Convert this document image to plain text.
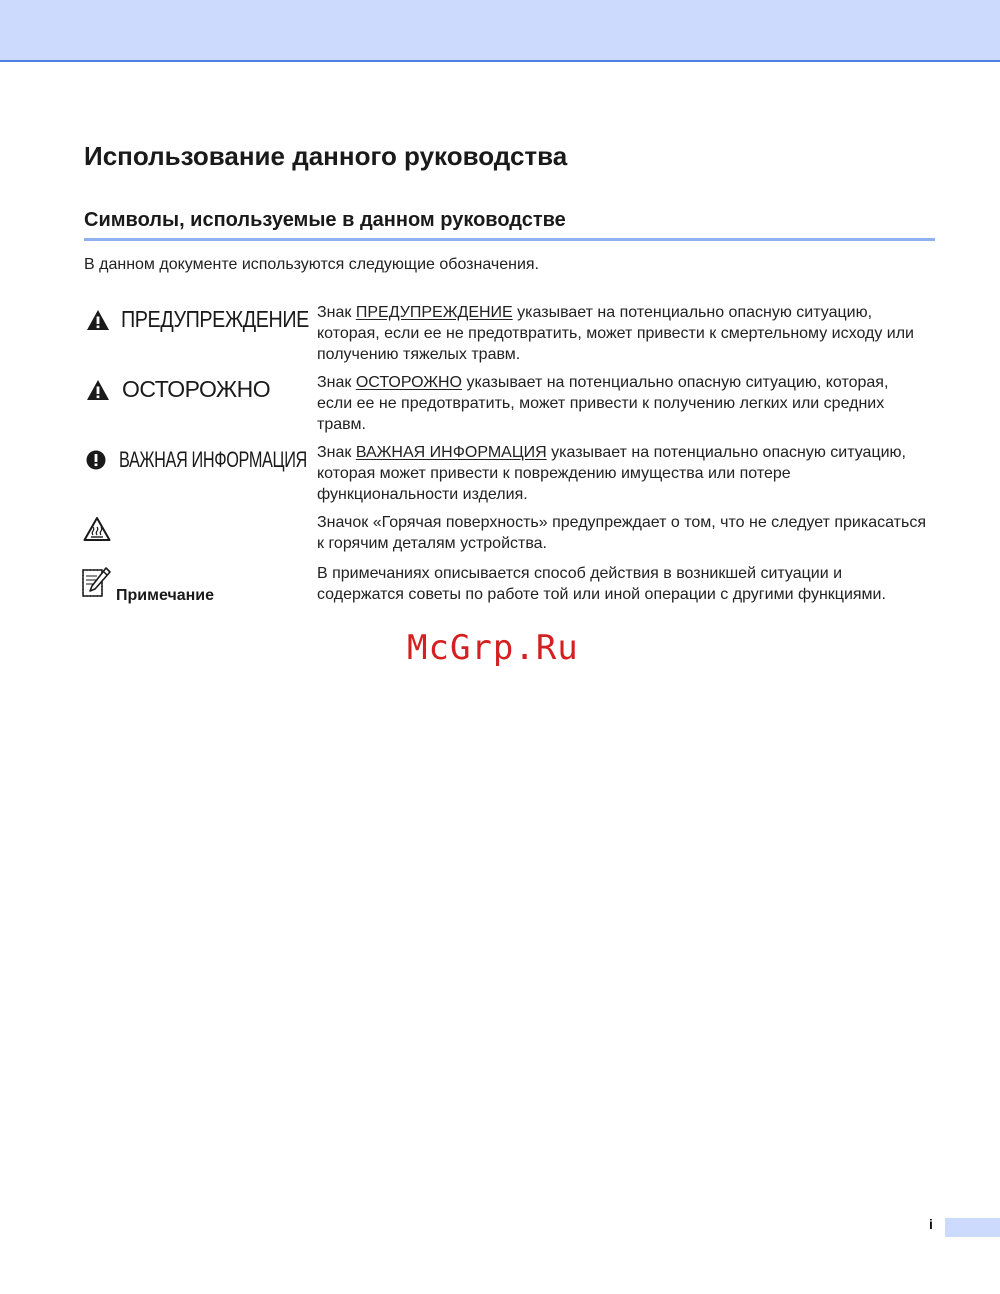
Использование данного руководства
Символы, используемые в данном руководстве

В данном документе используются следующие обозначения.

ПРЕДУПРЕЖДЕНИЕ Знак ПРЕДУПРЕЖДЕНИЕ указывает на потенциально опасную ситуацию, которая, если ее не предотвратить, может привести к смертельному исходу или получению тяжелых травм.

ОСТОРОЖНО	Знак ОСТОРОЖНО указывает на потенциально опасную ситуацию, которая, если ее не предотвратить, может привести к получению легких или средних травм.

ВАЖНАЯ ИНФОРМАЦИЯ Знак ВАЖНАЯ ИНФОРМАЦИЯ указывает на потенциально опасную ситуацию, которая может привести к повреждению имущества или потере функциональности изделия.

Значок «Горячая поверхность» предупреждает о том, что не следует прикасаться к горячим деталям устройства.

Примечание

В примечаниях описывается способ действия в возникшей ситуации и содержатся советы по работе той или иной операции с другими функциями.

McGrp.Ru

i
